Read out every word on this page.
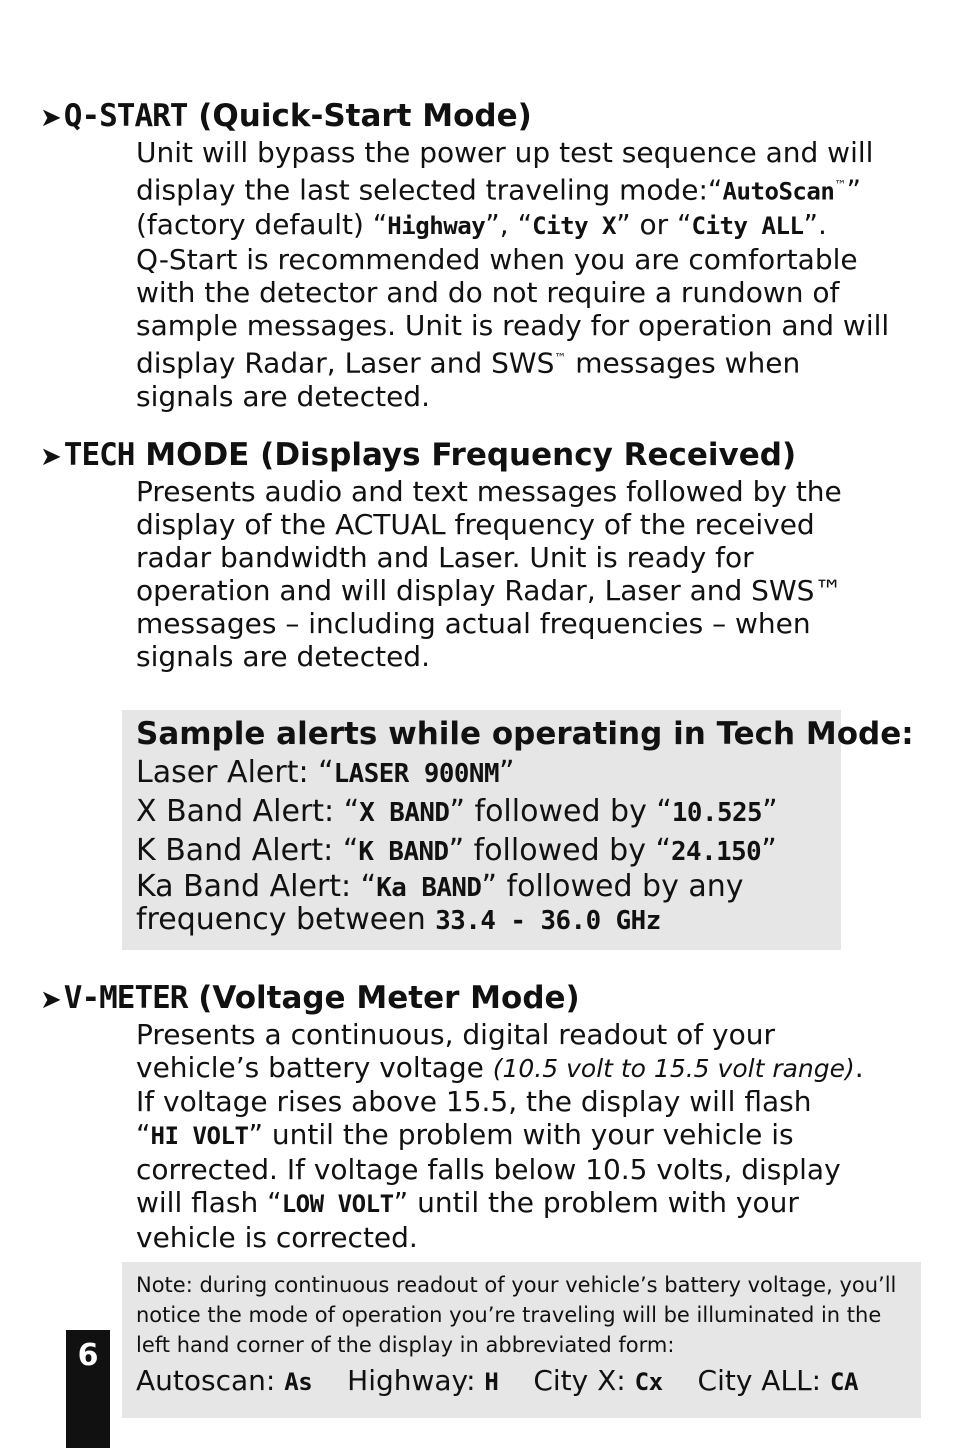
➤Q-START (Quick-Start Mode)
Unit will bypass the power up test sequence and will
display the last selected traveling mode:“AutoScan™”
(factory default) “Highway”, “City X” or “City ALL”.
Q-Start is recommended when you are comfortable
with the detector and do not require a rundown of
sample messages. Unit is ready for operation and will
display Radar, Laser and SWS™ messages when
signals are detected.
➤TECH MODE (Displays Frequency Received)
Presents audio and text messages followed by the
display of the ACTUAL frequency of the received
radar bandwidth and Laser. Unit is ready for
operation and will display Radar, Laser and SWS™
messages – including actual frequencies – when
signals are detected.
Sample alerts while operating in Tech Mode:
Laser Alert: “LASER 900NM”
X Band Alert: “X BAND” followed by “10.525”
K Band Alert: “K BAND” followed by “24.150”
Ka Band Alert: “Ka BAND” followed by any
frequency between 33.4 - 36.0 GHz
➤V-METER (Voltage Meter Mode)
Presents a continuous, digital readout of your
vehicle’s battery voltage (10.5 volt to 15.5 volt range).
If voltage rises above 15.5, the display will flash
“HI VOLT” until the problem with your vehicle is
corrected. If voltage falls below 10.5 volts, display
will flash “LOW VOLT” until the problem with your
vehicle is corrected.
Note: during continuous readout of your vehicle’s battery voltage, you’ll
notice the mode of operation you’re traveling will be illuminated in the
left hand corner of the display in abbreviated form:
Autoscan: As Highway: H City X: Cx City ALL: CA
6
